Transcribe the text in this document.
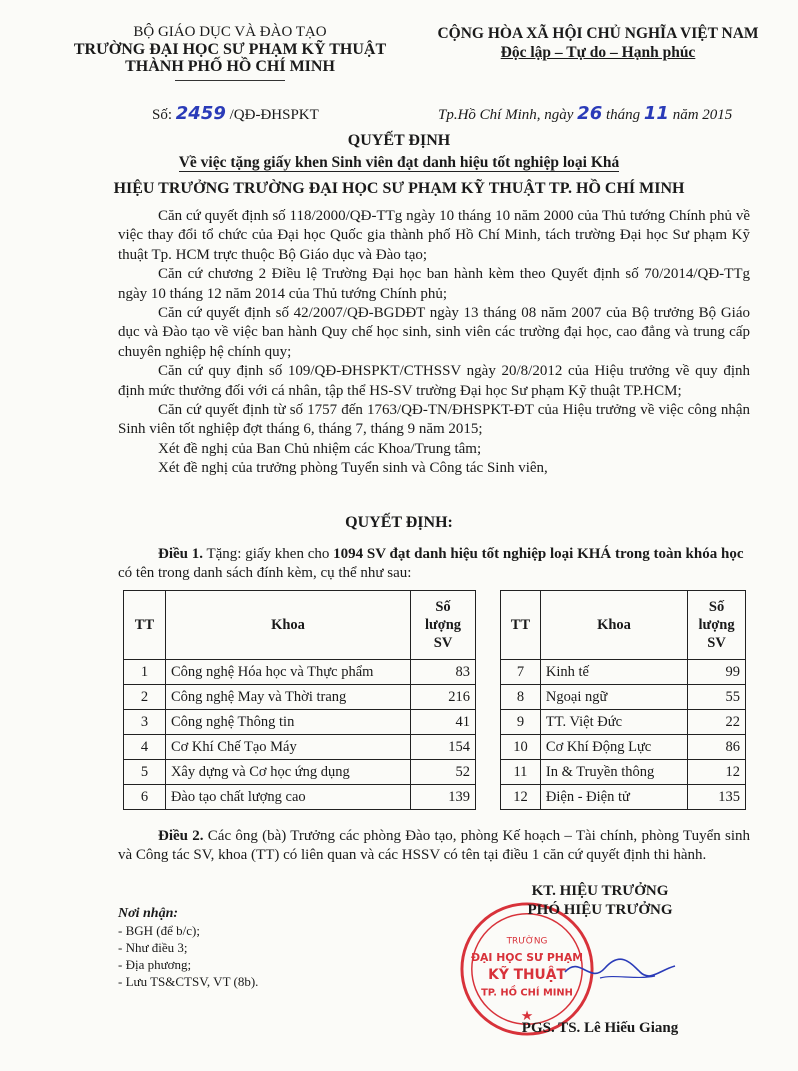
BỘ GIÁO DỤC VÀ ĐÀO TẠO
TRƯỜNG ĐẠI HỌC SƯ PHẠM KỸ THUẬT
THÀNH PHỐ HỒ CHÍ MINH
CỘNG HÒA XÃ HỘI CHỦ NGHĨA VIỆT NAM
Độc lập – Tự do – Hạnh phúc
Số: 2459 /QĐ-ĐHSPKT	Tp.Hồ Chí Minh, ngày 26 tháng 11 năm 2015
QUYẾT ĐỊNH
Về việc tặng giấy khen Sinh viên đạt danh hiệu tốt nghiệp loại Khá
HIỆU TRƯỞNG TRƯỜNG ĐẠI HỌC SƯ PHẠM KỸ THUẬT TP. HỒ CHÍ MINH

Căn cứ quyết định số 118/2000/QĐ-TTg ngày 10 tháng 10 năm 2000 của Thủ tướng Chính phủ về việc thay đổi tổ chức của Đại học Quốc gia thành phố Hồ Chí Minh, tách trường Đại học Sư phạm Kỹ thuật Tp. HCM trực thuộc Bộ Giáo dục và Đào tạo;

Căn cứ chương 2 Điều lệ Trường Đại học ban hành kèm theo Quyết định số 70/2014/QĐ-TTg ngày 10 tháng 12 năm 2014 của Thủ tướng Chính phủ;

Căn cứ quyết định số 42/2007/QĐ-BGDĐT ngày 13 tháng 08 năm 2007 của Bộ trưởng Bộ Giáo dục và Đào tạo về việc ban hành Quy chế học sinh, sinh viên các trường đại học, cao đẳng và trung cấp chuyên nghiệp hệ chính quy;

Căn cứ quy định số 109/QĐ-ĐHSPKT/CTHSSV ngày 20/8/2012 của Hiệu trưởng về quy định định mức thưởng đối với cá nhân, tập thể HS-SV trường Đại học Sư phạm Kỹ thuật TP.HCM;

Căn cứ quyết định từ số 1757 đến 1763/QĐ-TN/ĐHSPKT-ĐT của Hiệu trưởng về việc công nhận Sinh viên tốt nghiệp đợt tháng 6, tháng 7, tháng 9 năm 2015;

Xét đề nghị của Ban Chủ nhiệm các Khoa/Trung tâm;

Xét đề nghị của trưởng phòng Tuyển sinh và Công tác Sinh viên,

QUYẾT ĐỊNH:

Điều 1. Tặng: giấy khen cho 1094 SV đạt danh hiệu tốt nghiệp loại KHÁ trong toàn khóa học có tên trong danh sách đính kèm, cụ thể như sau:

TT	Khoa	Số
lượng
SV

1	Công nghệ Hóa học và Thực phẩm	83
2	Công nghệ May và Thời trang	216
3	Công nghệ Thông tin	41
4	Cơ Khí Chế Tạo Máy	154
5	Xây dựng và Cơ học ứng dụng	52
6	Đào tạo chất lượng cao	139
TT	Khoa	Số
lượng
SV

7	Kinh tế	99
8	Ngoại ngữ	55
9	TT. Việt Đức	22
10	Cơ Khí Động Lực	86
11	In & Truyền thông	12
12	Điện - Điện tử	135

Điều 2. Các ông (bà) Trưởng các phòng Đào tạo, phòng Kế hoạch – Tài chính, phòng Tuyển sinh và Công tác SV, khoa (TT) có liên quan và các HSSV có tên tại điều 1 căn cứ quyết định thi hành.

Nơi nhận:
- BGH (để b/c);
- Như điều 3;
- Địa phương;
- Lưu TS&CTSV, VT (8b).
TRƯỜNG
ĐẠI HỌC SƯ PHẠM
KỸ THUẬT
TP. HỒ CHÍ MINH
★
KT. HIỆU TRƯỞNG
PHÓ HIỆU TRƯỞNG
PGS. TS. Lê Hiếu Giang
